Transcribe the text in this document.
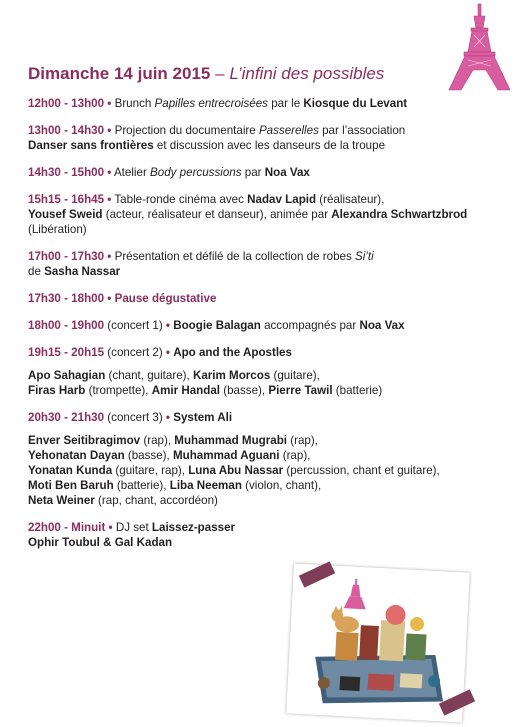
Dimanche 14 juin 2015 – L’infini des possibles
12h00 - 13h00 • Brunch Papilles entrecroisées par le Kiosque du Levant
13h00 - 14h30 • Projection du documentaire Passerelles par l’association
Danser sans frontières et discussion avec les danseurs de la troupe
14h30 - 15h00 • Atelier Body percussions par Noa Vax
15h15 - 16h45 • Table-ronde cinéma avec Nadav Lapid (réalisateur),
Yousef Sweid (acteur, réalisateur et danseur), animée par Alexandra Schwartzbrod (Libération)
17h00 - 17h30 • Présentation et défilé de la collection de robes Si’ti
de Sasha Nassar
17h30 - 18h00 • Pause dégustative
18h00 - 19h00 (concert 1) • Boogie Balagan accompagnés par Noa Vax
19h15 - 20h15 (concert 2) • Apo and the Apostles
Apo Sahagian (chant, guitare), Karim Morcos (guitare),
Firas Harb (trompette), Amir Handal (basse), Pierre Tawil (batterie)
20h30 - 21h30 (concert 3) • System Ali
Enver Seitibragimov (rap), Muhammad Mugrabi (rap),
Yehonatan Dayan (basse), Muhammad Aguani (rap),
Yonatan Kunda (guitare, rap), Luna Abu Nassar (percussion, chant et guitare),
Moti Ben Baruh (batterie), Liba Neeman (violon, chant),
Neta Weiner (rap, chant, accordéon)
22h00 - Minuit • DJ set Laissez-passer
Ophir Toubul & Gal Kadan
